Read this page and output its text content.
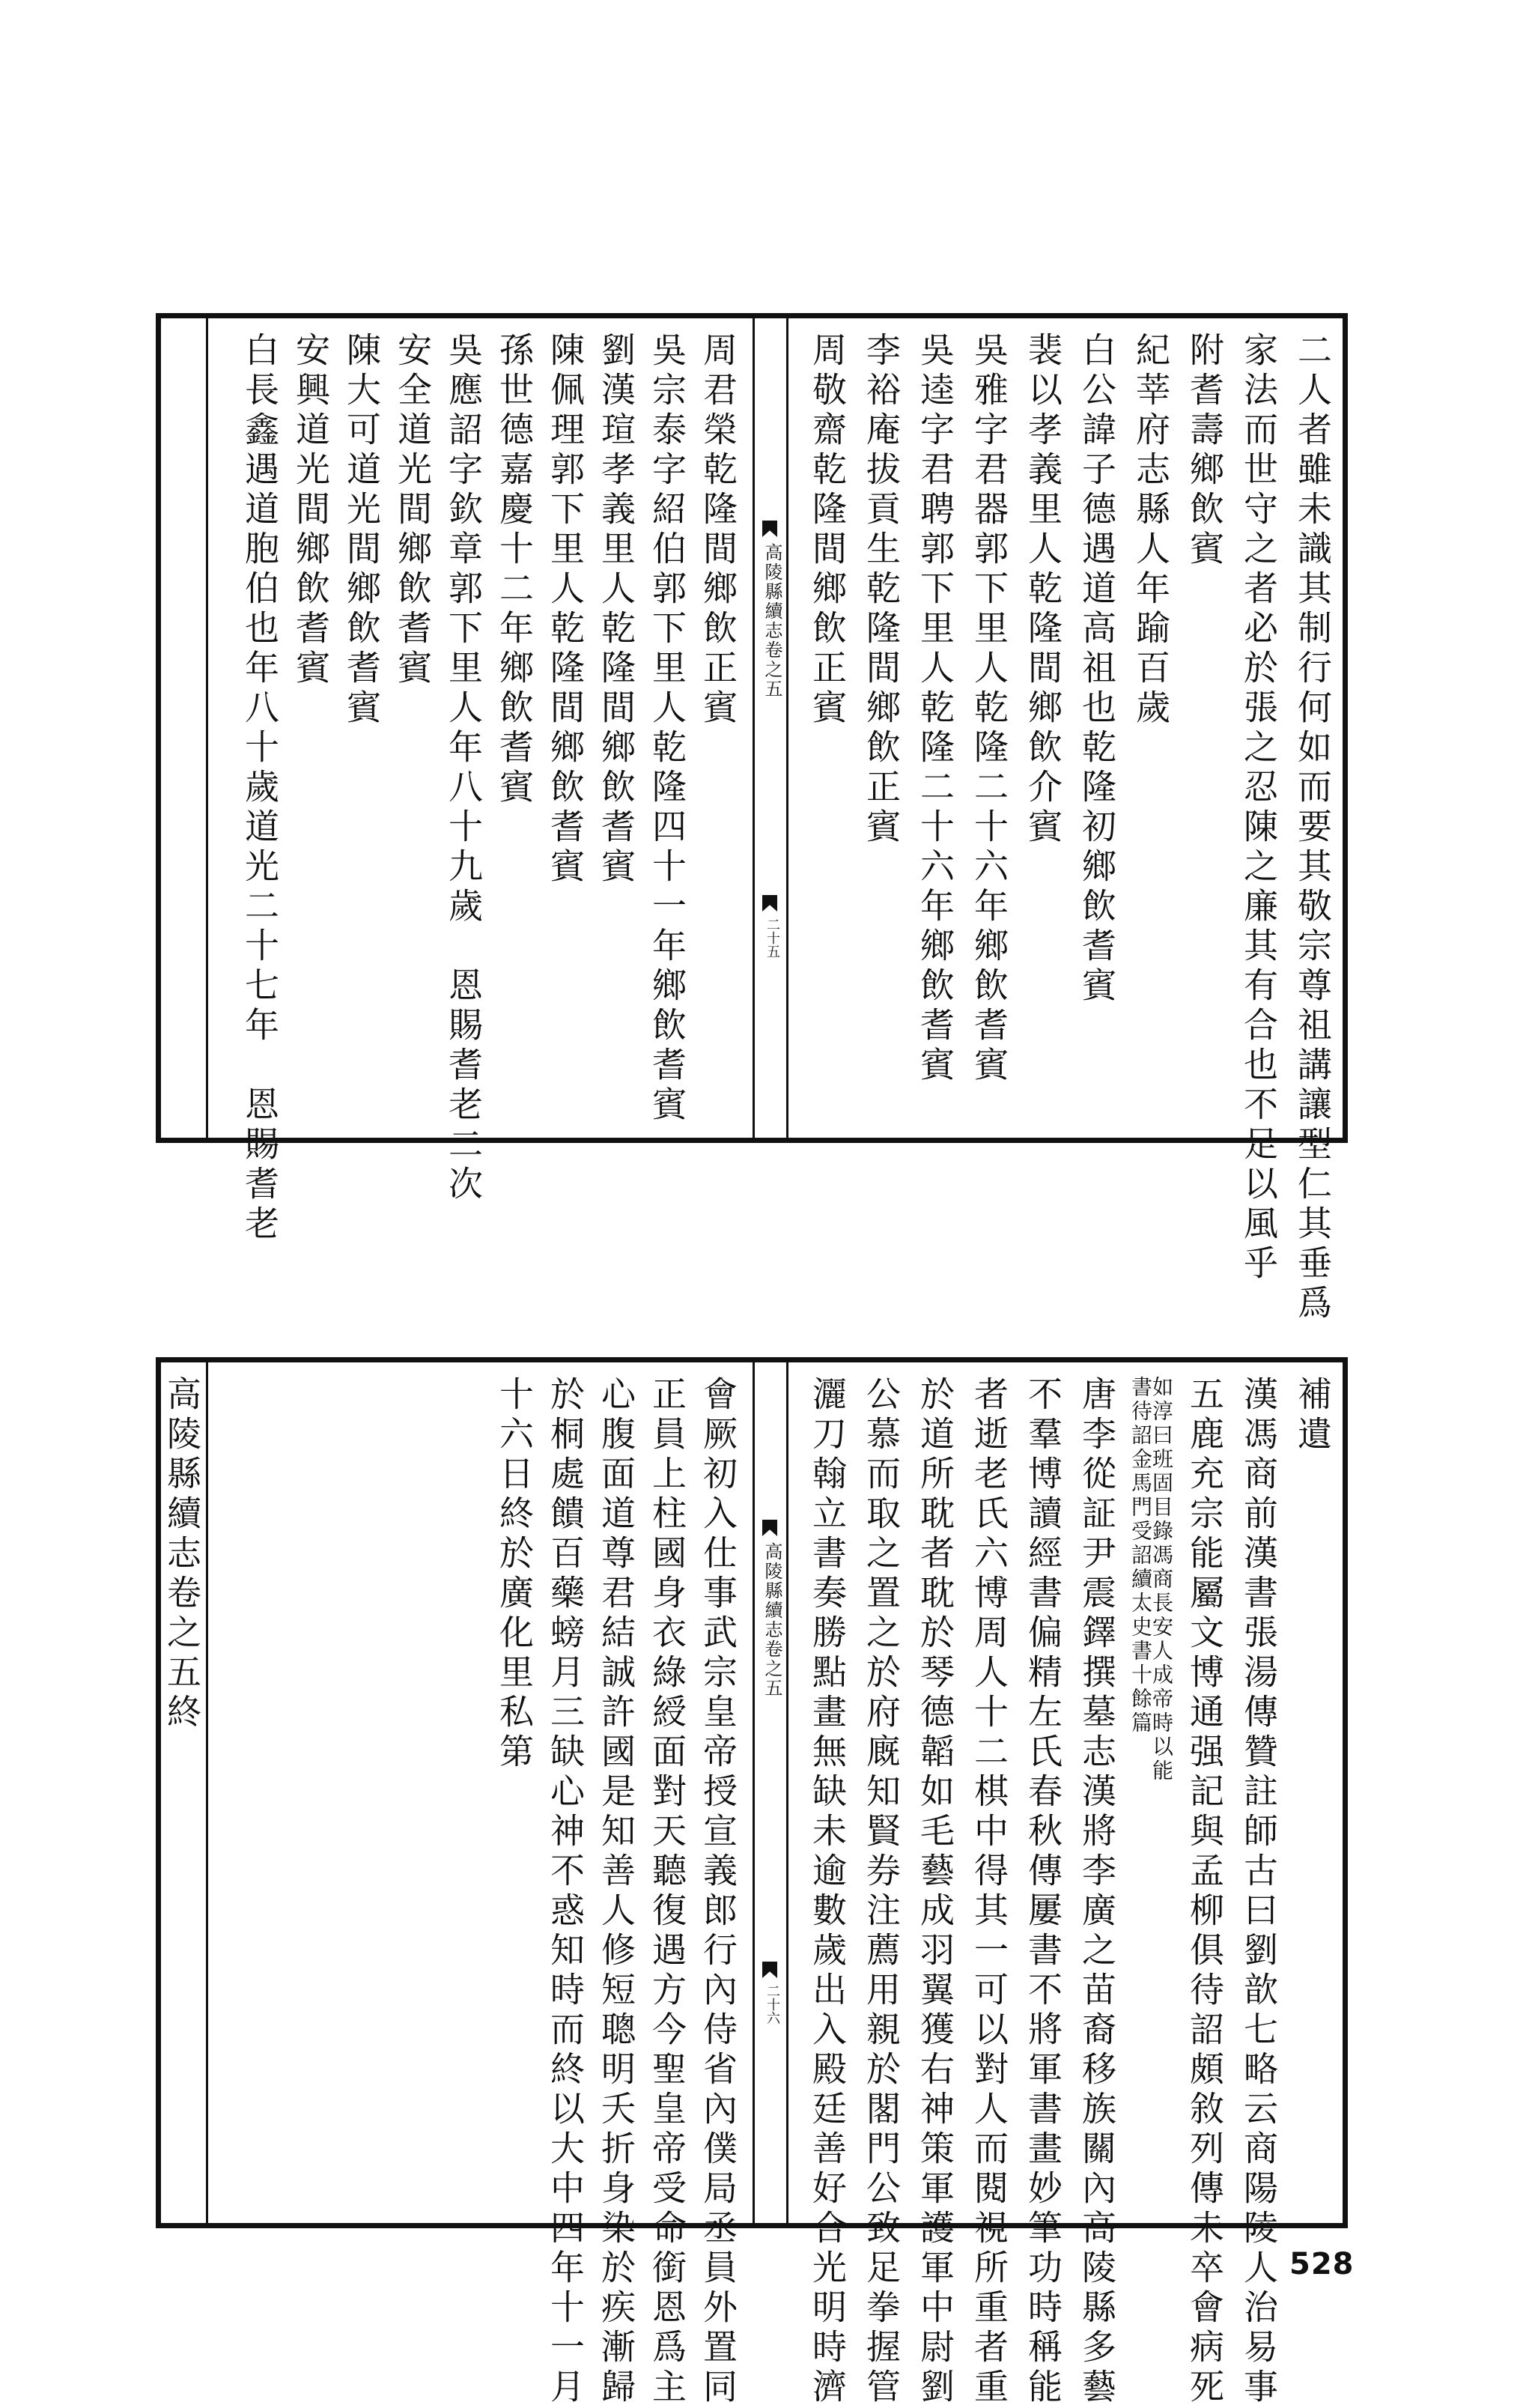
二人者雖未識其制行何如而要其敬宗尊祖講讓型仁其垂爲
家法而世守之者必於張之忍陳之廉其有合也不足以風乎
附耆壽鄉飲賓
紀莘府志縣人年踰百歲
白公諱子德遇道高祖也乾隆初鄉飲耆賓
裴以孝義里人乾隆間鄉飲介賓
吳雅字君器郭下里人乾隆二十六年鄉飲耆賓
吳逵字君聘郭下里人乾隆二十六年鄉飲耆賓
李裕庵拔貢生乾隆間鄉飲正賓
周敬齋乾隆間鄉飲正賓
高陵縣續志卷之五
二十五
周君榮乾隆間鄉飲正賓
吳宗泰字紹伯郭下里人乾隆四十一年鄉飲耆賓
劉漢瑄孝義里人乾隆間鄉飲耆賓
陳佩理郭下里人乾隆間鄉飲耆賓
孫世德嘉慶十二年鄉飲耆賓
吳應詔字欽章郭下里人年八十九歲　恩賜耆老二次
安全道光間鄉飲耆賓
陳大可道光間鄉飲耆賓
安興道光間鄉飲耆賓
白長鑫遇道胞伯也年八十歲道光二十七年　恩賜耆老
補遺
漢馮商前漢書張湯傳贊註師古曰劉歆七略云商陽陵人治易事
五鹿充宗能屬文博通强記與孟柳俱待詔頗敘列傳未卒會病死
如淳曰班固目錄馮商長安人成帝時以能
書待詔金馬門受詔續太史書十餘篇
唐李從証尹震鐸撰墓志漢將李廣之苗裔移族關內高陵縣多藝
不羣博讀經書偏精左氏春秋傳屢書不將軍書畫妙筆功時稱能
者逝老氏六博周人十二棋中得其一可以對人而閱視所重者重
於道所耽者耽於琴德韜如毛藝成羽翼獲右神策軍護軍中尉劉
公慕而取之置之於府廐知賢券注薦用親於閣門公致足拳握管
灑刀翰立書奏勝點畫無缺未逾數歲出入殿廷善好合光明時濟
高陵縣續志卷之五
二十六
會厥初入仕事武宗皇帝授宣義郎行內侍省內僕局丞員外置同
正員上柱國身衣綠綬面對天聽復遇方今聖皇帝受命銜恩爲主
心腹面道尊君結誠許國是知善人修短聰明夭折身染於疾漸歸
於桐處饋百藥螃月三缺心神不惑知時而終以大中四年十一月
十六日終於廣化里私第
高陵縣續志卷之五終
528
